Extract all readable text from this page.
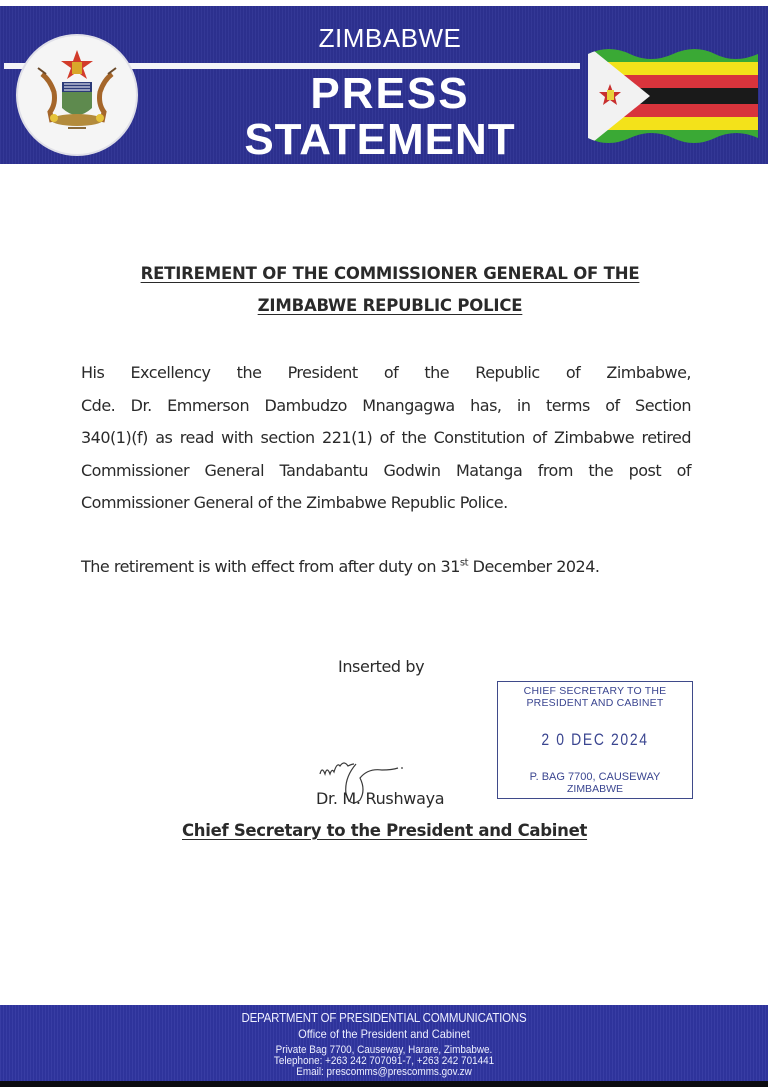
ZIMBABWE
PRESS
STATEMENT
RETIREMENT OF THE COMMISSIONER GENERAL OF THE
ZIMBABWE REPUBLIC POLICE
His Excellency the President of the Republic of Zimbabwe,
Cde. Dr. Emmerson Dambudzo Mnangagwa has, in terms of Section
340(1)(f) as read with section 221(1) of the Constitution of Zimbabwe retired
Commissioner General Tandabantu Godwin Matanga from the post of
Commissioner General of the Zimbabwe Republic Police.
The retirement is with effect from after duty on 31st December 2024.
Inserted by
Dr. M. Rushwaya
Chief Secretary to the President and Cabinet
CHIEF SECRETARY TO THE
PRESIDENT AND CABINET
2 0 DEC 2024
P. BAG 7700, CAUSEWAY
ZIMBABWE
DEPARTMENT OF PRESIDENTIAL COMMUNICATIONS
Office of the President and Cabinet
Private Bag 7700, Causeway, Harare, Zimbabwe.
Telephone: +263 242 707091-7, +263 242 701441
Email: prescomms@prescomms.gov.zw
